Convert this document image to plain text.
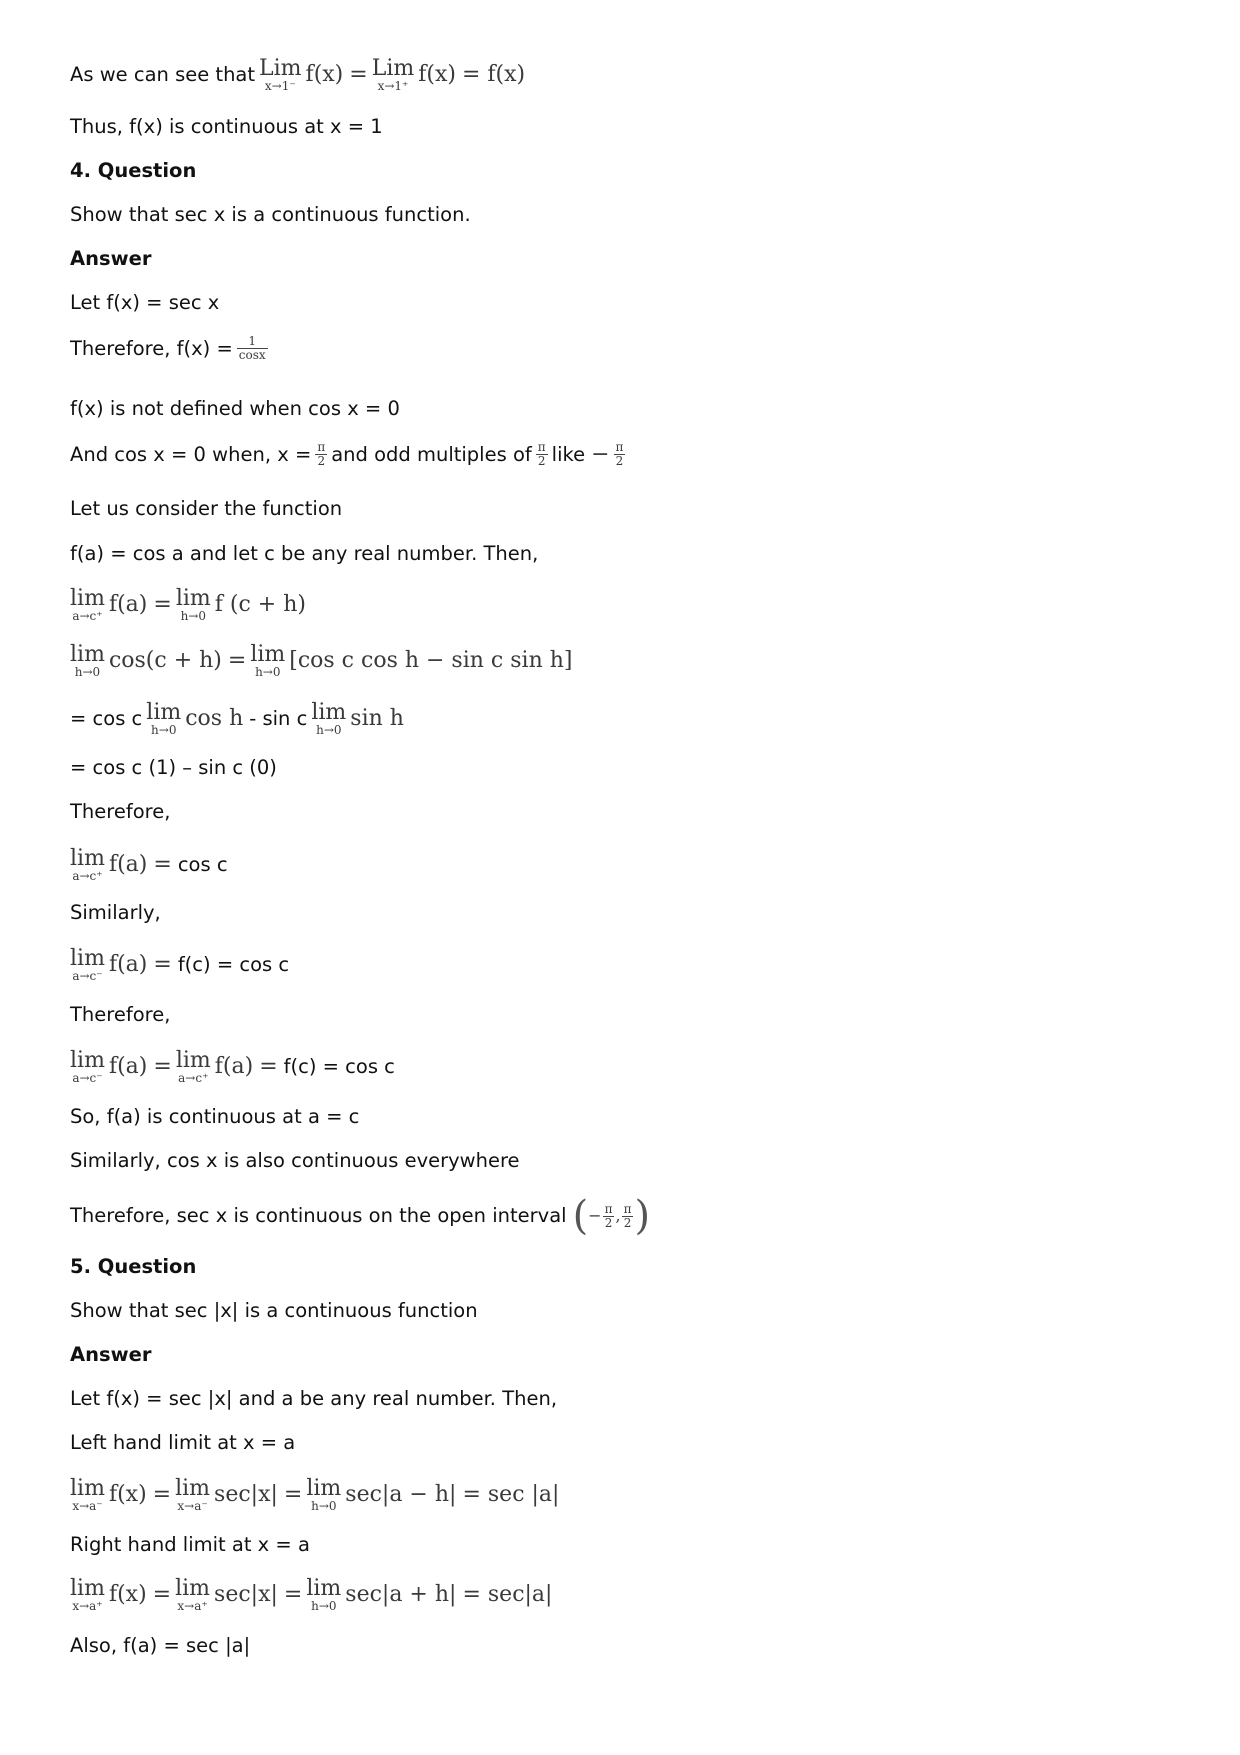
As we can see that Lim
x→1⁻ f(x) = Lim
x→1⁺ f(x) = f(x)
Thus, f(x) is continuous at x = 1
4. Question
Show that sec x is a continuous function.
Answer
Let f(x) = sec x
Therefore, $f(x) = \frac{1}{\cos x}$
f(x) is not defined when cos x = 0
And cos x = 0 when, $x = \frac{\pi}{2}$ and odd multiples of $\frac{\pi}{2}$ like − $\frac{\pi}{2}$
Let us consider the function
f(a) = cos a and let c be any real number. Then,
lim
a→c⁺ f(a) = lim
h→0 f (c + h)
lim
h→0 cos(c + h) = lim
h→0 [cos c cos h − sin c sin h]
= cos c lim
h→0 cos h - sin c lim
h→0 sin h
= cos c (1) – sin c (0)
Therefore,
lim
a→c⁺ f(a) = cos c
Similarly,
lim
a→c⁻ f(a) = f(c) = cos c
Therefore,
lim
a→c⁻ f(a) = lim
a→c⁺ f(a) = f(c) = cos c
So, f(a) is continuous at a = c
Similarly, cos x is also continuous everywhere
Therefore, sec x is continuous on the open interval ( − $\frac{\pi}{2}$ , $\frac{\pi}{2}$ )
5. Question
Show that sec |x| is a continuous function
Answer
Let f(x) = sec |x| and a be any real number. Then,
Left hand limit at x = a
lim
x→a⁻ f(x) = lim
x→a⁻ sec|x| = lim
h→0 sec|a − h| = sec |a|
Right hand limit at x = a
lim
x→a⁺ f(x) = lim
x→a⁺ sec|x| = lim
h→0 sec|a + h| = sec|a|
Also, f(a) = sec |a|
